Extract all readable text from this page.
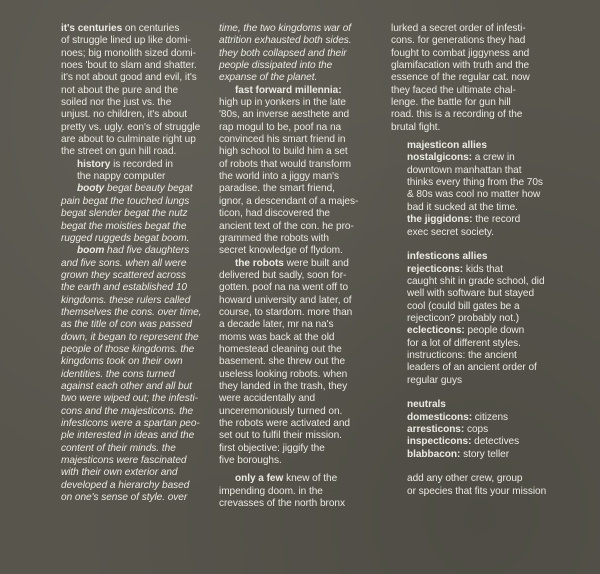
it's centuries on centuries
of struggle lined up like domi-
noes; big monolith sized domi-
noes 'bout to slam and shatter.
it's not about good and evil, it's
not about the pure and the
soiled nor the just vs. the
unjust. no children, it's about
pretty vs. ugly. eon's of struggle
are about to culminate right up
the street on gun hill road.

history is recorded in
the nappy computer

booty begat beauty begat
pain begat the touched lungs
begat slender begat the nutz
begat the moisties begat the
rugged ruggeds begat boom.

boom had five daughters
and five sons. when all were
grown they scattered across
the earth and established 10
kingdoms. these rulers called
themselves the cons. over time,
as the title of con was passed
down, it began to represent the
people of those kingdoms. the
kingdoms took on their own
identities. the cons turned
against each other and all but
two were wiped out; the infesti-
cons and the majesticons. the
infesticons were a spartan peo-
ple interested in ideas and the
content of their minds. the
majesticons were fascinated
with their own exterior and
developed a hierarchy based
on one's sense of style. over

time, the two kingdoms war of
attrition exhausted both sides.
they both collapsed and their
people dissipated into the
expanse of the planet.

fast forward millennia:
high up in yonkers in the late
'80s, an inverse aesthete and
rap mogul to be, poof na na
convinced his smart friend in
high school to build him a set
of robots that would transform
the world into a jiggy man's
paradise. the smart friend,
ignor, a descendant of a majes-
ticon, had discovered the
ancient text of the con. he pro-
grammed the robots with
secret knowledge of flydom.

the robots were built and
delivered but sadly, soon for-
gotten. poof na na went off to
howard university and later, of
course, to stardom. more than
a decade later, mr na na's
moms was back at the old
homestead cleaning out the
basement. she threw out the
useless looking robots. when
they landed in the trash, they
were accidentally and
unceremoniously turned on.
the robots were activated and
set out to fulfil their mission.
first objective: jiggify the
five boroughs.

only a few knew of the
impending doom. in the
crevasses of the north bronx

lurked a secret order of infesti-
cons. for generations they had
fought to combat jiggyness and
glamifacation with truth and the
essence of the regular cat. now
they faced the ultimate chal-
lenge. the battle for gun hill
road. this is a recording of the
brutal fight.

majesticon allies

nostalgicons: a crew in
downtown manhattan that
thinks every thing from the 70s
& 80s was cool no matter how
bad it sucked at the time.

the jiggidons: the record
exec secret society.

infesticons allies

rejecticons: kids that
caught shit in grade school, did
well with software but stayed
cool (could bill gates be a
rejecticon? probably not.)

eclecticons: people down
for a lot of different styles.

instructicons: the ancient
leaders of an ancient order of
regular guys

neutrals

domesticons: citizens

arresticons: cops

inspecticons: detectives

blabbacon: story teller

add any other crew, group
or species that fits your mission
